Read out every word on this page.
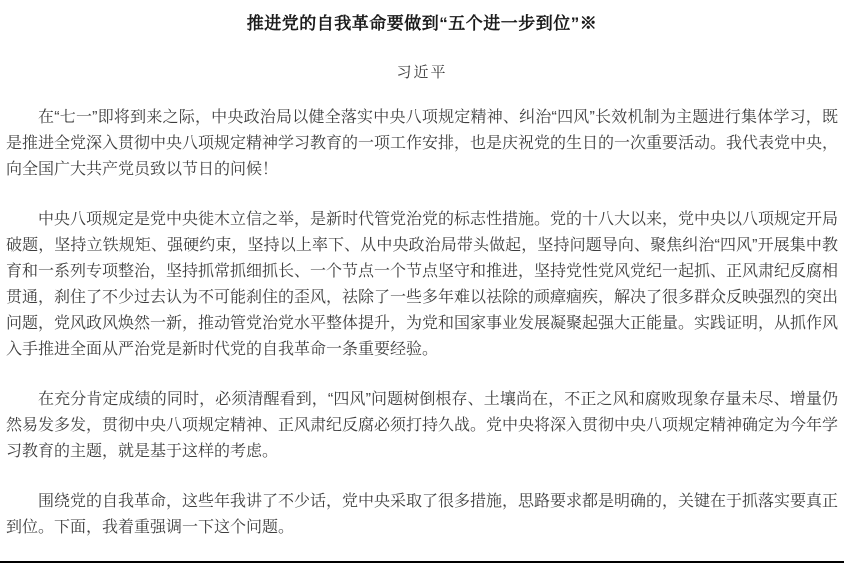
推进党的自我革命要做到“五个进一步到位”※
习近平

在“七一”即将到来之际，中央政治局以健全落实中央八项规定精神、纠治“四风”长效机制为主题进行集体学习，既是推进全党深入贯彻中央八项规定精神学习教育的一项工作安排，也是庆祝党的生日的一次重要活动。我代表党中央，向全国广大共产党员致以节日的问候！

中央八项规定是党中央徙木立信之举，是新时代管党治党的标志性措施。党的十八大以来，党中央以八项规定开局破题，坚持立铁规矩、强硬约束，坚持以上率下、从中央政治局带头做起，坚持问题导向、聚焦纠治“四风”开展集中教育和一系列专项整治，坚持抓常抓细抓长、一个节点一个节点坚守和推进，坚持党性党风党纪一起抓、正风肃纪反腐相贯通，刹住了不少过去认为不可能刹住的歪风，祛除了一些多年难以祛除的顽瘴痼疾，解决了很多群众反映强烈的突出问题，党风政风焕然一新，推动管党治党水平整体提升，为党和国家事业发展凝聚起强大正能量。实践证明，从抓作风入手推进全面从严治党是新时代党的自我革命一条重要经验。

在充分肯定成绩的同时，必须清醒看到，“四风”问题树倒根存、土壤尚在，不正之风和腐败现象存量未尽、增量仍然易发多发，贯彻中央八项规定精神、正风肃纪反腐必须打持久战。党中央将深入贯彻中央八项规定精神确定为今年学习教育的主题，就是基于这样的考虑。

围绕党的自我革命，这些年我讲了不少话，党中央采取了很多措施，思路要求都是明确的，关键在于抓落实要真正到位。下面，我着重强调一下这个问题。
